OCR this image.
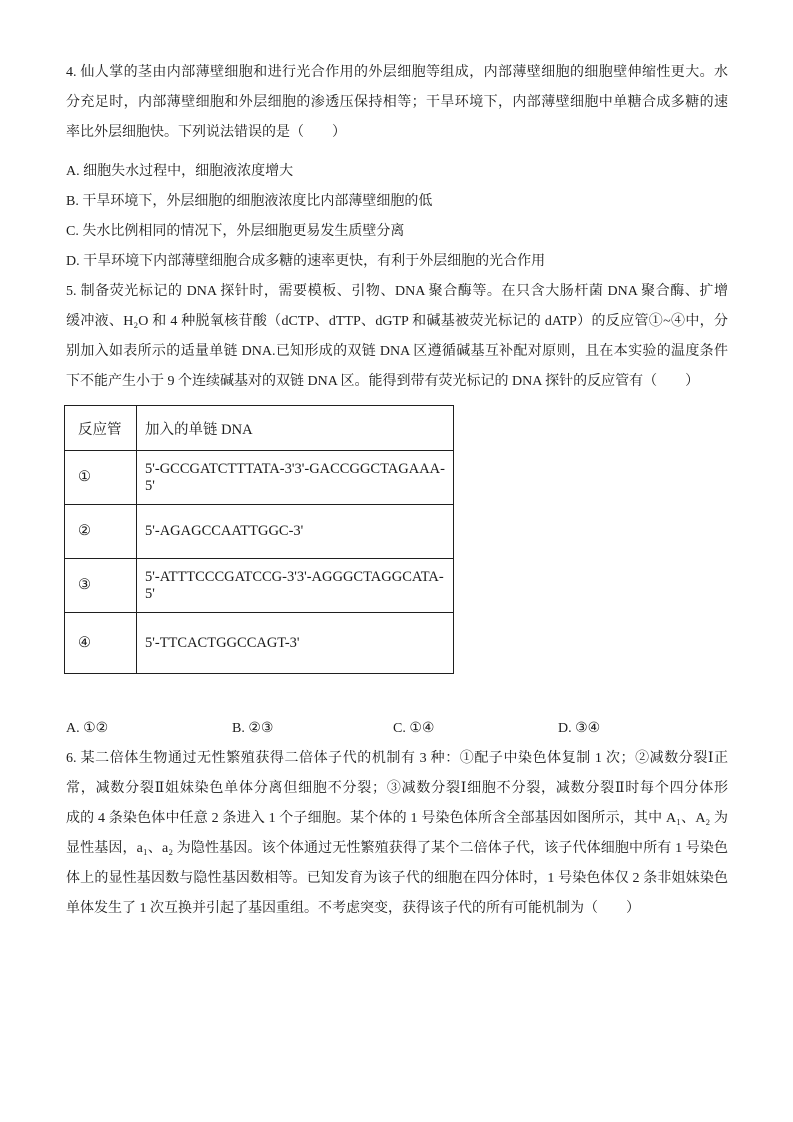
4. 仙人掌的茎由内部薄壁细胞和进行光合作用的外层细胞等组成，内部薄壁细胞的细胞壁伸缩性更大。水
分充足时，内部薄壁细胞和外层细胞的渗透压保持相等；干旱环境下，内部薄壁细胞中单糖合成多糖的速
率比外层细胞快。下列说法错误的是（　　）
A. 细胞失水过程中，细胞液浓度增大
B. 干旱环境下，外层细胞的细胞液浓度比内部薄壁细胞的低
C. 失水比例相同的情况下，外层细胞更易发生质壁分离
D. 干旱环境下内部薄壁细胞合成多糖的速率更快，有利于外层细胞的光合作用
5. 制备荧光标记的 DNA 探针时，需要模板、引物、DNA 聚合酶等。在只含大肠杆菌 DNA 聚合酶、扩增
缓冲液、H₂O 和 4 种脱氧核苷酸（dCTP、dTTP、dGTP 和碱基被荧光标记的 dATP）的反应管①~④中，分
别加入如表所示的适量单链 DNA.已知形成的双链 DNA 区遵循碱基互补配对原则，且在本实验的温度条件
下不能产生小于 9 个连续碱基对的双链 DNA 区。能得到带有荧光标记的 DNA 探针的反应管有（　　）
反应管	加入的单链 DNA
①	5'-GCCGATCTTTATA-3'3'-GACCGGCTAGAAA-5'
②	5'-AGAGCCAATTGGC-3'
③	5'-ATTTCCCGATCCG-3'3'-AGGGCTAGGCATA-5'
④	5'-TTCACTGGCCAGT-3'
A. ①②	B. ②③	C. ①④	D. ③④
6. 某二倍体生物通过无性繁殖获得二倍体子代的机制有 3 种：①配子中染色体复制 1 次；②减数分裂Ⅰ正
常，减数分裂Ⅱ姐妹染色单体分离但细胞不分裂；③减数分裂Ⅰ细胞不分裂，减数分裂Ⅱ时每个四分体形
成的 4 条染色体中任意 2 条进入 1 个子细胞。某个体的 1 号染色体所含全部基因如图所示，其中 A₁、A₂ 为
显性基因，a₁、a₂ 为隐性基因。该个体通过无性繁殖获得了某个二倍体子代，该子代体细胞中所有 1 号染色
体上的显性基因数与隐性基因数相等。已知发育为该子代的细胞在四分体时，1 号染色体仅 2 条非姐妹染色
单体发生了 1 次互换并引起了基因重组。不考虑突变，获得该子代的所有可能机制为（　　）
